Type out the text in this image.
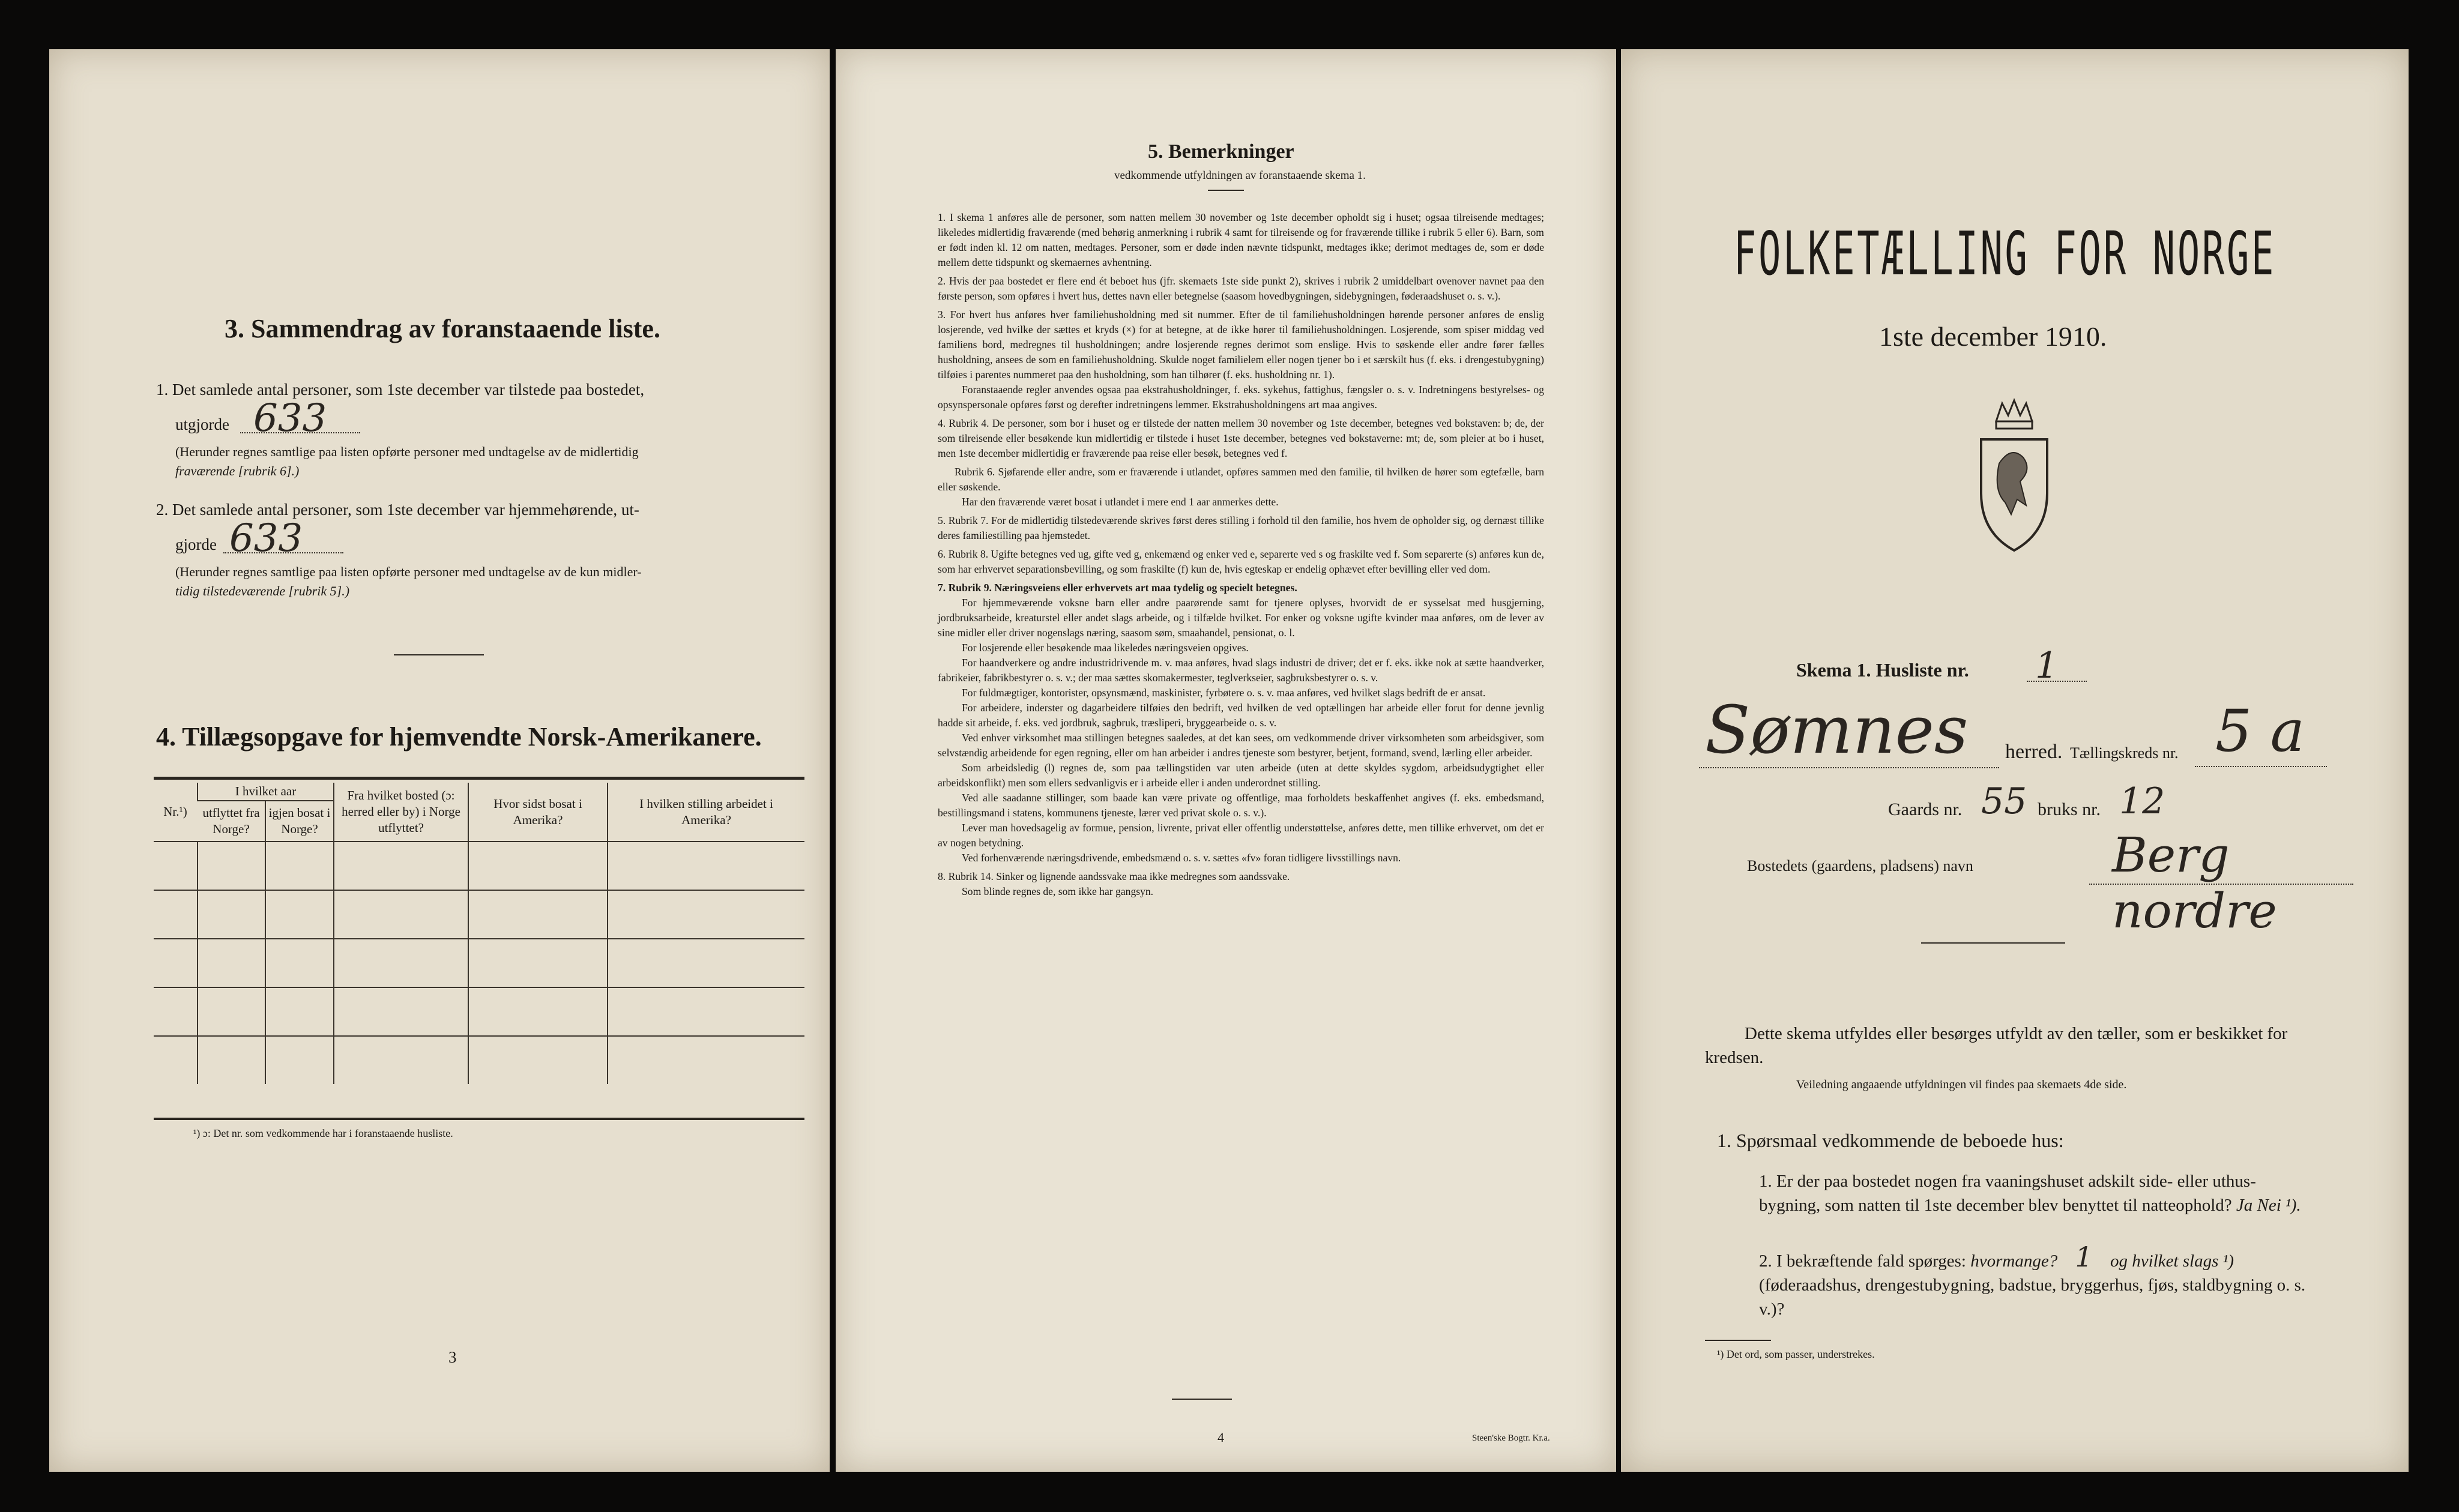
3. Sammendrag av foranstaaende liste.
1. Det samlede antal personer, som 1ste december var tilstede paa bostedet,
utgjorde 633
(Herunder regnes samtlige paa listen opførte personer med undtagelse av de midlertidig
fraværende [rubrik 6].)
2. Det samlede antal personer, som 1ste december var hjemmehørende, ut-
gjorde 633
(Herunder regnes samtlige paa listen opførte personer med undtagelse av de kun midler-
tidig tilstedeværende [rubrik 5].)
4. Tillægsopgave for hjemvendte Norsk-Amerikanere.
Nr.¹)	I hvilket aar		Fra hvilket bosted (ɔ: herred eller by) i Norge utflyttet?	Hvor sidst bosat i Amerika?	I hvilken stilling arbeidet i Amerika?
	utflyttet fra Norge?	igjen bosat i Norge?			

¹) ɔ: Det nr. som vedkommende har i foranstaaende husliste.
3
5. Bemerkninger
vedkommende utfyldningen av foranstaaende skema 1.

1. I skema 1 anføres alle de personer, som natten mellem 30 november og 1ste december opholdt sig i huset; ogsaa tilreisende medtages; likeledes midlertidig fraværende (med behørig anmerkning i rubrik 4 samt for tilreisende og for fraværende tillike i rubrik 5 eller 6). Barn, som er født inden kl. 12 om natten, medtages. Personer, som er døde inden nævnte tidspunkt, medtages ikke; derimot medtages de, som er døde mellem dette tidspunkt og skemaernes avhentning.

2. Hvis der paa bostedet er flere end ét beboet hus (jfr. skemaets 1ste side punkt 2), skrives i rubrik 2 umiddelbart ovenover navnet paa den første person, som opføres i hvert hus, dettes navn eller betegnelse (saasom hovedbygningen, sidebygningen, føderaadshuset o. s. v.).

3. For hvert hus anføres hver familiehusholdning med sit nummer. Efter de til familiehusholdningen hørende personer anføres de enslig losjerende, ved hvilke der sættes et kryds (×) for at betegne, at de ikke hører til familiehusholdningen. Losjerende, som spiser middag ved familiens bord, medregnes til husholdningen; andre losjerende regnes derimot som enslige. Hvis to søskende eller andre fører fælles husholdning, ansees de som en familiehusholdning. Skulde noget familielem eller nogen tjener bo i et særskilt hus (f. eks. i drengestubygning) tilføies i parentes nummeret paa den husholdning, som han tilhører (f. eks. husholdning nr. 1).

Foranstaaende regler anvendes ogsaa paa ekstrahusholdninger, f. eks. sykehus, fattighus, fængsler o. s. v. Indretningens bestyrelses- og opsynspersonale opføres først og derefter indretningens lemmer. Ekstrahusholdningens art maa angives.

4. Rubrik 4. De personer, som bor i huset og er tilstede der natten mellem 30 november og 1ste december, betegnes ved bokstaven: b; de, der som tilreisende eller besøkende kun midlertidig er tilstede i huset 1ste december, betegnes ved bokstaverne: mt; de, som pleier at bo i huset, men 1ste december midlertidig er fraværende paa reise eller besøk, betegnes ved f.

Rubrik 6. Sjøfarende eller andre, som er fraværende i utlandet, opføres sammen med den familie, til hvilken de hører som egtefælle, barn eller søskende.

Har den fraværende været bosat i utlandet i mere end 1 aar anmerkes dette.

5. Rubrik 7. For de midlertidig tilstedeværende skrives først deres stilling i forhold til den familie, hos hvem de opholder sig, og dernæst tillike deres familiestilling paa hjemstedet.

6. Rubrik 8. Ugifte betegnes ved ug, gifte ved g, enkemænd og enker ved e, separerte ved s og fraskilte ved f. Som separerte (s) anføres kun de, som har erhvervet separationsbevilling, og som fraskilte (f) kun de, hvis egteskap er endelig ophævet efter bevilling eller ved dom.

7. Rubrik 9. Næringsveiens eller erhvervets art maa tydelig og specielt betegnes.

For hjemmeværende voksne barn eller andre paarørende samt for tjenere oplyses, hvorvidt de er sysselsat med husgjerning, jordbruksarbeide, kreaturstel eller andet slags arbeide, og i tilfælde hvilket. For enker og voksne ugifte kvinder maa anføres, om de lever av sine midler eller driver nogenslags næring, saasom søm, smaahandel, pensionat, o. l.

For losjerende eller besøkende maa likeledes næringsveien opgives.

For haandverkere og andre industridrivende m. v. maa anføres, hvad slags industri de driver; det er f. eks. ikke nok at sætte haandverker, fabrikeier, fabrikbestyrer o. s. v.; der maa sættes skomakermester, teglverkseier, sagbruksbestyrer o. s. v.

For fuldmægtiger, kontorister, opsynsmænd, maskinister, fyrbøtere o. s. v. maa anføres, ved hvilket slags bedrift de er ansat.

For arbeidere, inderster og dagarbeidere tilføies den bedrift, ved hvilken de ved optællingen har arbeide eller forut for denne jevnlig hadde sit arbeide, f. eks. ved jordbruk, sagbruk, træsliperi, bryggearbeide o. s. v.

Ved enhver virksomhet maa stillingen betegnes saaledes, at det kan sees, om vedkommende driver virksomheten som arbeidsgiver, som selvstændig arbeidende for egen regning, eller om han arbeider i andres tjeneste som bestyrer, betjent, formand, svend, lærling eller arbeider.

Som arbeidsledig (l) regnes de, som paa tællingstiden var uten arbeide (uten at dette skyldes sygdom, arbeidsudygtighet eller arbeidskonflikt) men som ellers sedvanligvis er i arbeide eller i anden underordnet stilling.

Ved alle saadanne stillinger, som baade kan være private og offentlige, maa forholdets beskaffenhet angives (f. eks. embedsmand, bestillingsmand i statens, kommunens tjeneste, lærer ved privat skole o. s. v.).

Lever man hovedsagelig av formue, pension, livrente, privat eller offentlig understøttelse, anføres dette, men tillike erhvervet, om det er av nogen betydning.

Ved forhenværende næringsdrivende, embedsmænd o. s. v. sættes «fv» foran tidligere livsstillings navn.

8. Rubrik 14. Sinker og lignende aandssvake maa ikke medregnes som aandssvake.

Som blinde regnes de, som ikke har gangsyn.

4	Steen'ske Bogtr. Kr.a.
FOLKETÆLLING FOR NORGE
1ste december 1910.
Skema 1. Husliste nr. 1
Sømnes herred. Tællingskreds nr. 5 a
Gaards nr. 55 bruks nr. 12
Bostedets (gaardens, pladsens) navn	Berg nordre
Dette skema utfyldes eller besørges utfyldt av den tæller, som er beskikket for kredsen.
Veiledning angaaende utfyldningen vil findes paa skemaets 4de side.
1. Spørsmaal vedkommende de beboede hus:
1. Er der paa bostedet nogen fra vaaningshuset adskilt side- eller uthus-bygning, som natten til 1ste december blev benyttet til natteophold? Ja Nei ¹).
2. I bekræftende fald spørges: hvormange? 1 og hvilket slags ¹) (føderaadshus, drengestubygning, badstue, bryggerhus, fjøs, staldbygning o. s. v.)?
¹) Det ord, som passer, understrekes.
